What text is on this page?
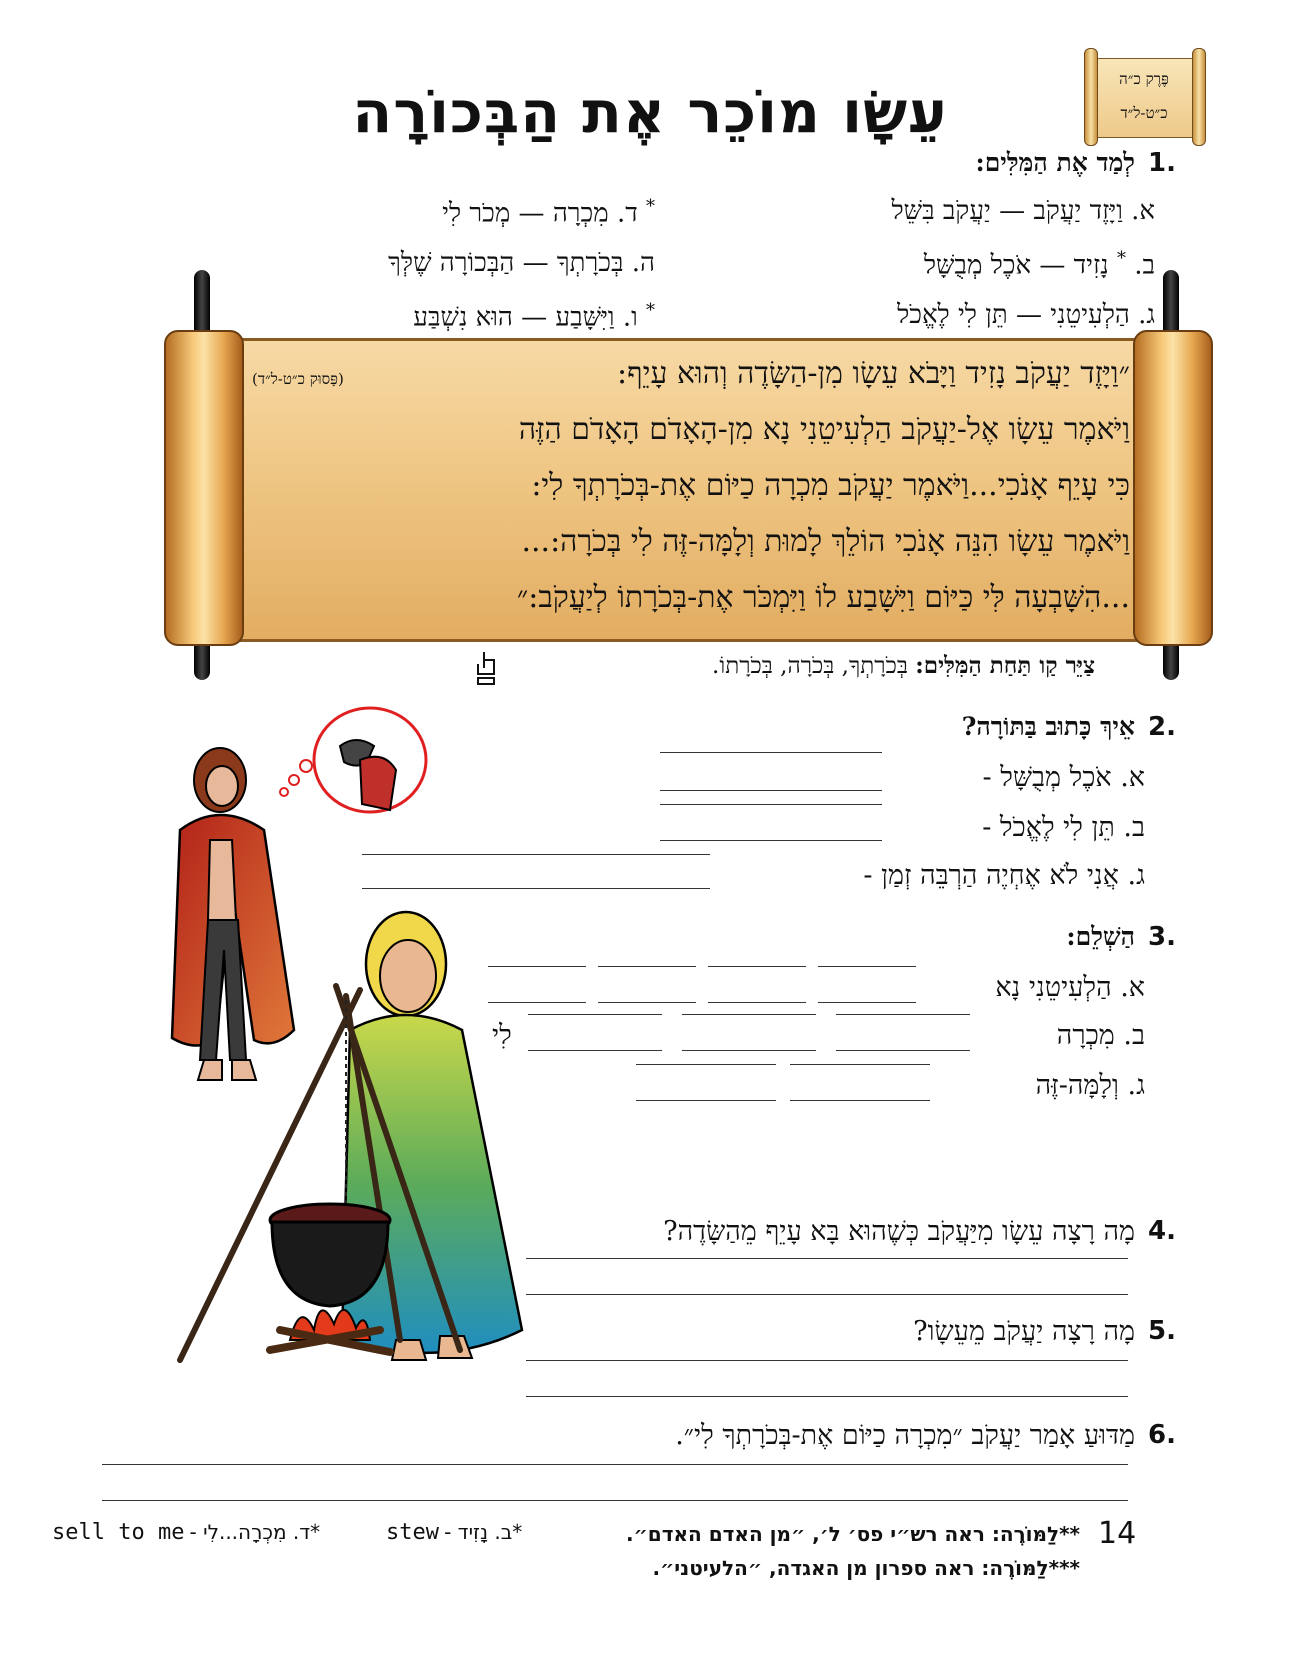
עֵשָׂו מוֹכֵר אֶת הַבְּכוֹרָה	פֶּרֶק כ״ה
כ״ט-ל״ד
1.
לְמַד אֶת הַמִּלִּים:
א. וַיָּזֶד יַעֲקֹב — יַעֲקֹב בִּשֵּׁל
ב. * נָזִיד — אֹכֶל מְבֻשָּׁל
ג. הַלְעִיטֵנִי — תֵּן לִי לֶאֱכֹל
* ד. מִכְרָה — מְכֹר לִי
ה. בְּכֹרָתְךָ — הַבְּכוֹרָה שֶׁלְּךָ
* ו. וַיִּשָּׁבַע — הוּא נִשְׁבַּע
(פָּסוּק כ״ט-ל״ד)	״וַיָּזֶד יַעֲקֹב נָזִיד וַיָּבֹא עֵשָׂו מִן-הַשָּׂדֶה וְהוּא עָיֵף:
וַיֹּאמֶר עֵשָׂו אֶל-יַעֲקֹב הַלְעִיטֵנִי נָא מִן-הָאָדֹם הָאָדֹם הַזֶּה
כִּי עָיֵף אָנֹכִי...וַיֹּאמֶר יַעֲקֹב מִכְרָה כַיּוֹם אֶת-בְּכֹרָתְךָ לִי:
וַיֹּאמֶר עֵשָׂו הִנֵּה אָנֹכִי הוֹלֵךְ לָמוּת וְלָמָּה-זֶּה לִי בְּכֹרָה:...
...הִשָּׁבְעָה לִּי כַּיּוֹם וַיִּשָּׁבַע לוֹ וַיִּמְכֹּר אֶת-בְּכֹרָתוֹ לְיַעֲקֹב:״
צַיֵּר קַו תַּחַת הַמִּלִּים: בְּכֹרָתְךָ, בְּכֹרָה, בְּכֹרָתוֹ.
2.
אֵיךְ כָּתוּב בַּתּוֹרָה?
א. אֹכֶל מְבֻשָּׁל -
ב. תֵּן לִי לֶאֱכֹל -
ג. אֲנִי לֹא אֶחְיֶה הַרְבֵּה זְמַן -
3.
הַשְׁלֵם:
א. הַלְעִיטֵנִי נָא
ב. מִכְרָה
לִי
ג. וְלָמָּה-זֶּה
4.
מָה רָצָה עֵשָׂו מִיַּעֲקֹב כְּשֶׁהוּא בָּא עָיֵף מֵהַשָּׂדֶה?
5.
מָה רָצָה יַעֲקֹב מֵעֵשָׂו?
6.
מַדּוּעַ אָמַר יַעֲקֹב ״מִכְרָה כַיּוֹם אֶת-בְּכֹרָתְךָ לִי״.
14
**לַמּוֹרֶה: ראה רש״י פס׳ ל׳, ״מן האדם האדם״.
***לַמּוֹרֶה: ראה ספרון מן האגדה, ״הלעיטני״.
stew *ב. נָזִיד -
sell to me *ד. מִכְרָה...לִי -
